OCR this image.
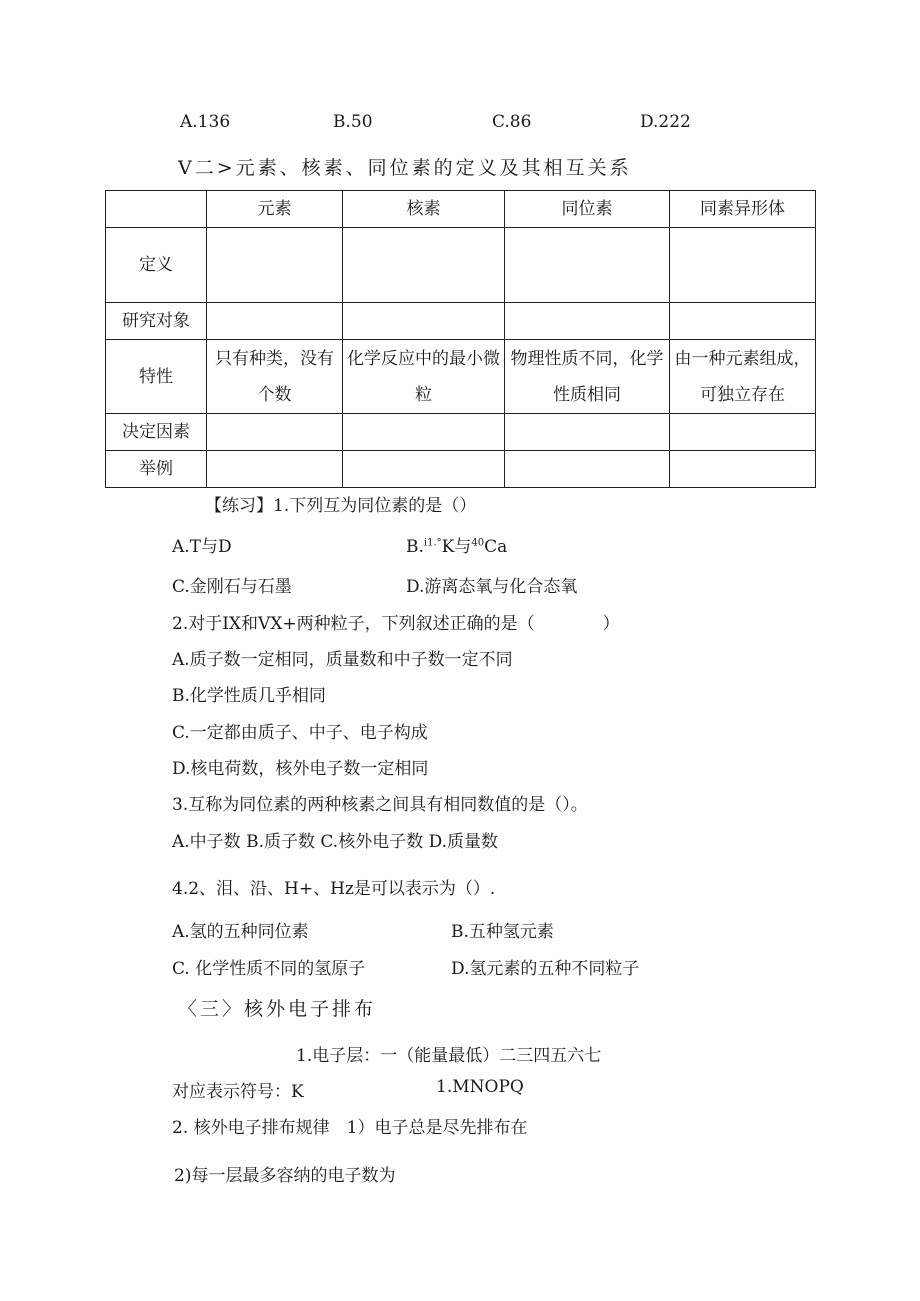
A.136	B.50	C.86	D.222
V二>元素、核素、同位素的定义及其相互关系
	元素	核素	同位素	同素异形体
定义				
研究对象				
特性	只有种类，没有个数	化学反应中的最小微粒	物理性质不同，化学性质相同	由一种元素组成，可独立存在
决定因素				
举例				
【练习】1.下列互为同位素的是（）
A.T与D	B.$^{i1.^\circ}$K与$^{40}$Ca
C.金刚石与石墨	D.游离态氧与化合态氧
2.对于IX和VX+两种粒子，下列叙述正确的是（　　　　）
A.质子数一定相同，质量数和中子数一定不同
B.化学性质几乎相同
C.一定都由质子、中子、电子构成
D.核电荷数，核外电子数一定相同
3.互称为同位素的两种核素之间具有相同数值的是（）。
A.中子数 B.质子数 C.核外电子数 D.质量数
4.2、泪、沿、H+、Hz是可以表示为（）.
A.氢的五种同位素	B.五种氢元素
C. 化学性质不同的氢原子	D.氢元素的五种不同粒子
〈三〉核外电子排布
1.电子层：一（能量最低）二三四五六七
对应表示符号：K	1.MNOPQ
2. 核外电子排布规律　1）电子总是尽先排布在
2)每一层最多容纳的电子数为
